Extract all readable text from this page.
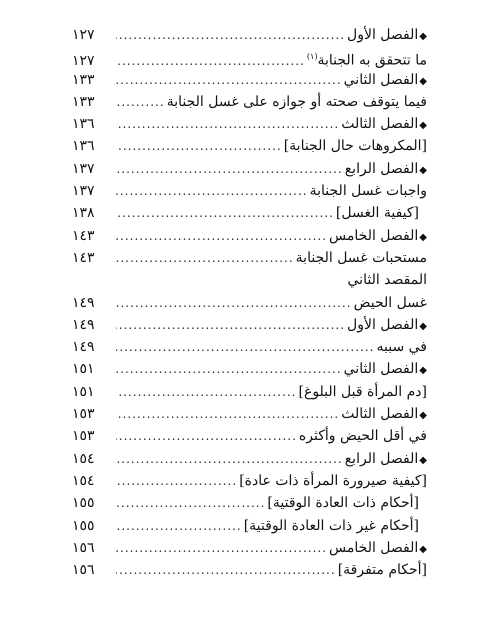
◆ الفصل الأول
.....
١٢٧
ما تتحقق به الجنابة$^{(١)}$
.....
١٢٧
◆ الفصل الثاني
.....
١٣٣
فيما يتوقف صحته أو جوازه على غسل الجنابة
.....
١٣٣
◆ الفصل الثالث
.....
١٣٦
[المكروهات حال الجنابة]
.....
١٣٦
◆ الفصل الرابع
.....
١٣٧
واجبات غسل الجنابة
.....
١٣٧
[كيفية الغسل]
.....
١٣٨
◆ الفصل الخامس
.....
١٤٣
مستحبات غسل الجنابة
.....
١٤٣
المقصد الثاني
غسل الحيض
.....
١٤٩
◆ الفصل الأول
.....
١٤٩
في سببه
.....
١٤٩
◆ الفصل الثاني
.....
١٥١
[دم المرأة قبل البلوغ]
.....
١٥١
◆ الفصل الثالث
.....
١٥٣
في أقل الحيض وأكثره
.....
١٥٣
◆ الفصل الرابع
.....
١٥٤
[كيفية صيرورة المرأة ذات عادة]
.....
١٥٤
[أحكام ذات العادة الوقتية]
.....
١٥٥
[أحكام غير ذات العادة الوقتية]
.....
١٥٥
◆ الفصل الخامس
.....
١٥٦
[أحكام متفرقة]
.....
١٥٦
